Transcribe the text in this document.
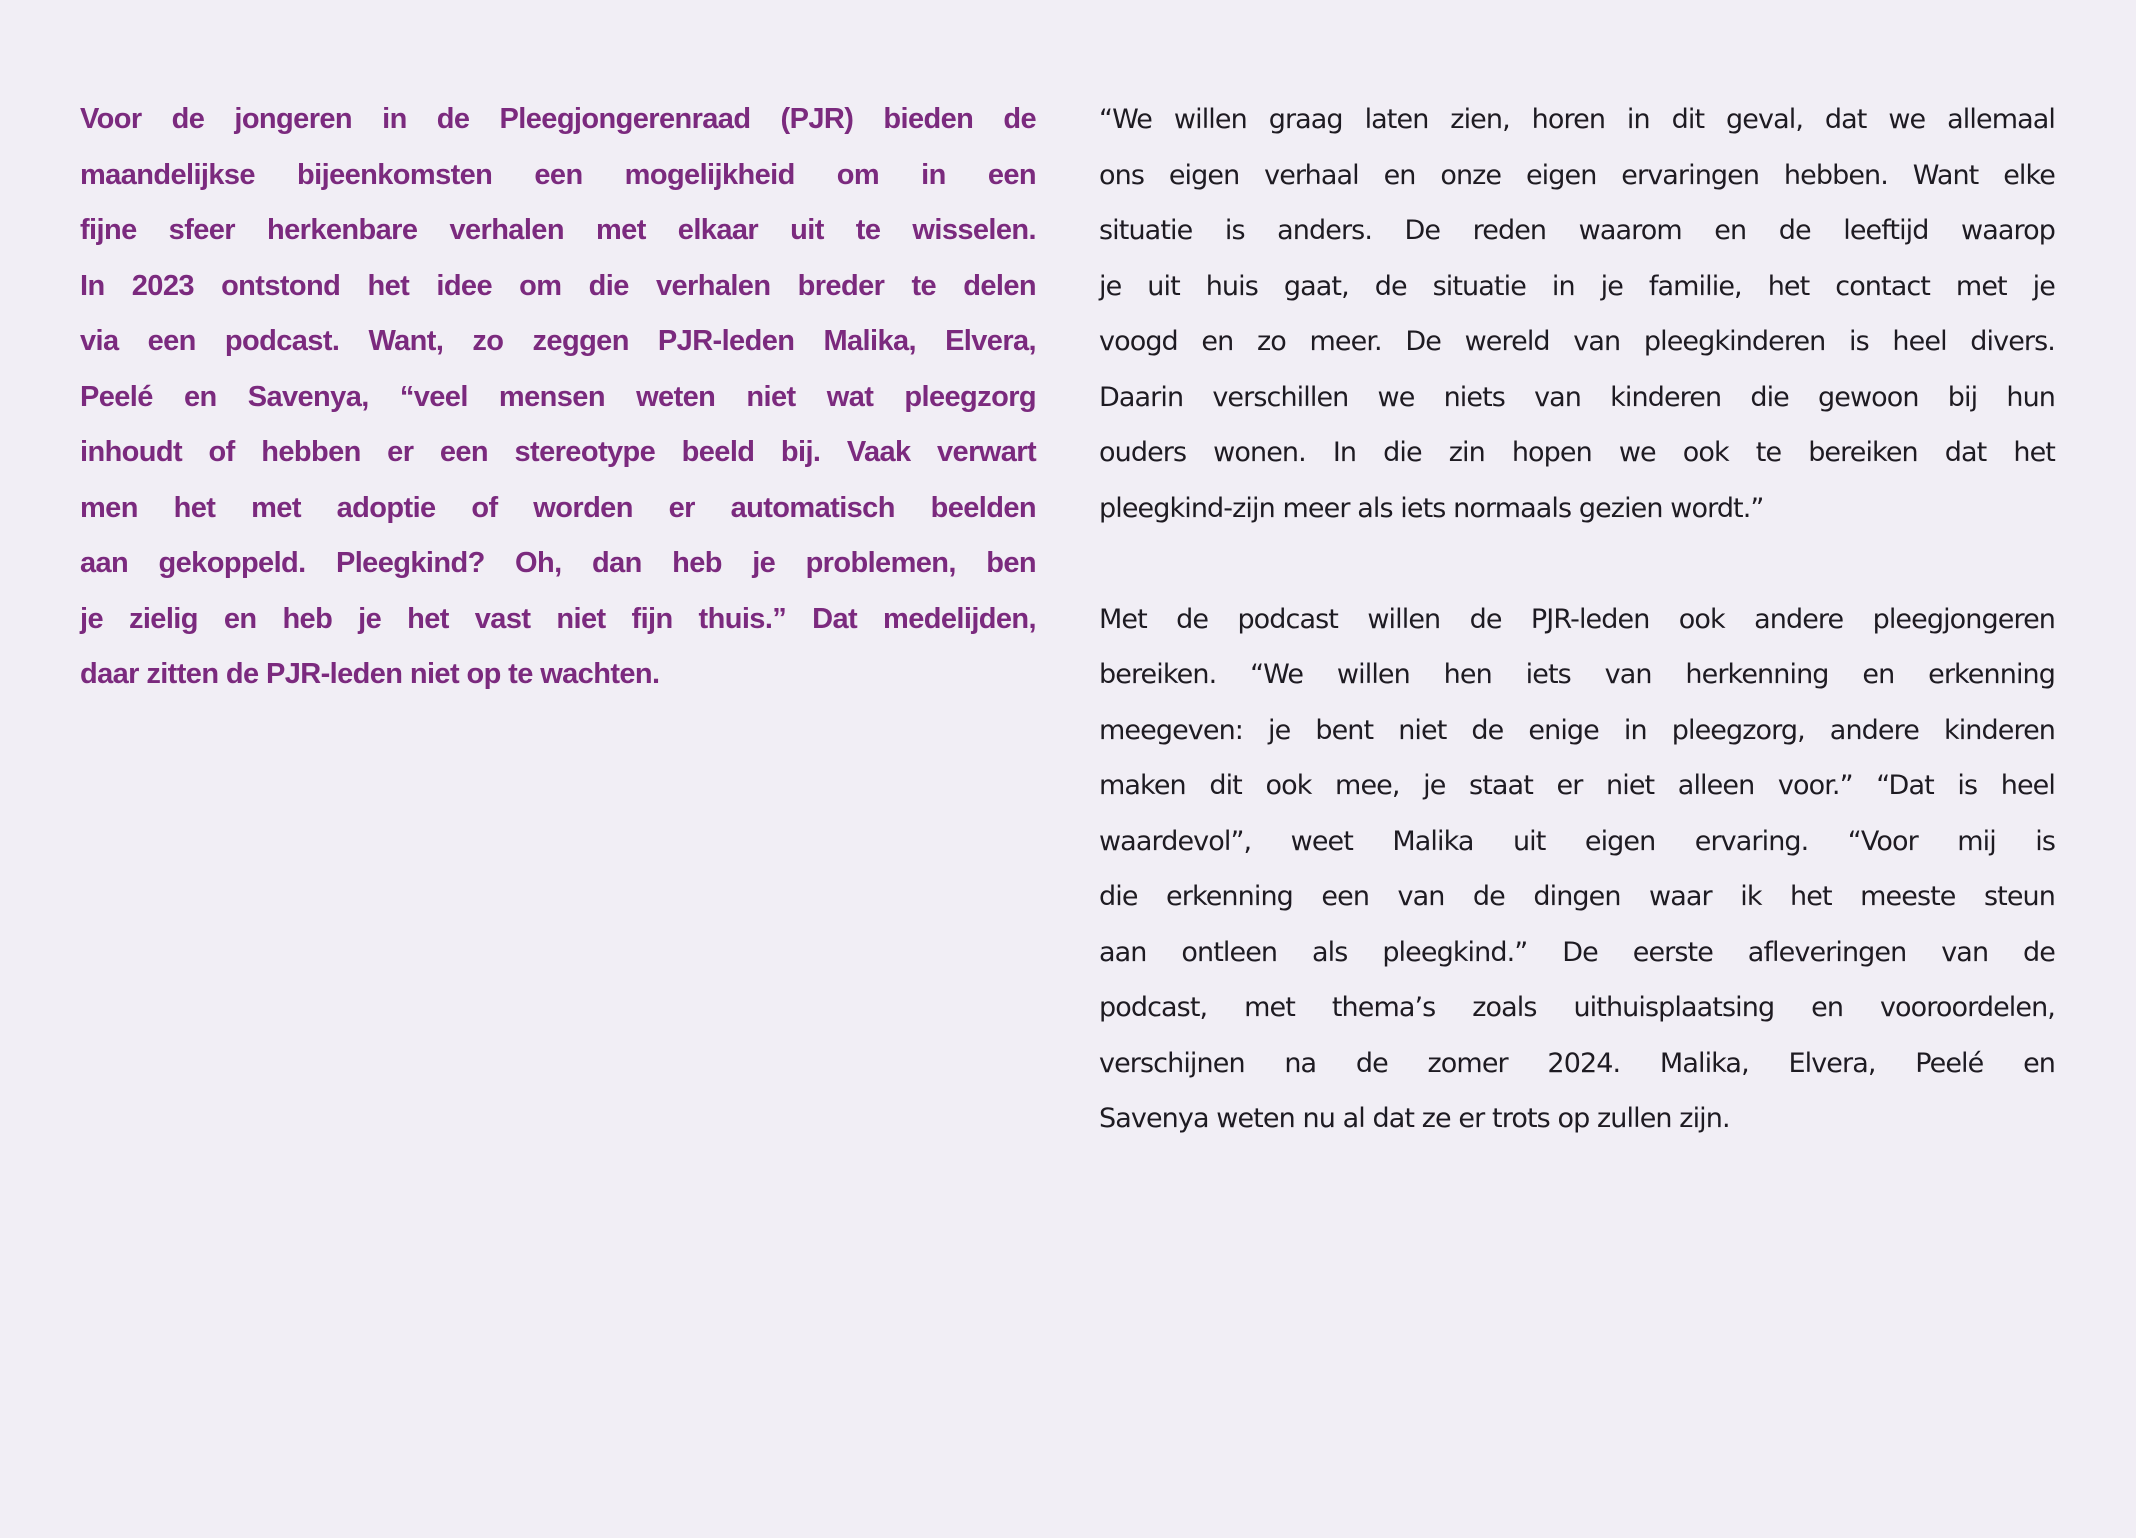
Voor de jongeren in de Pleegjongerenraad (PJR) bieden de
maandelijkse bijeenkomsten een mogelijkheid om in een
fijne sfeer herkenbare verhalen met elkaar uit te wisselen.
In 2023 ontstond het idee om die verhalen breder te delen
via een podcast. Want, zo zeggen PJR-leden Malika, Elvera,
Peelé en Savenya, “veel mensen weten niet wat pleegzorg
inhoudt of hebben er een stereotype beeld bij. Vaak verwart
men het met adoptie of worden er automatisch beelden
aan gekoppeld. Pleegkind? Oh, dan heb je problemen, ben
je zielig en heb je het vast niet fijn thuis.” Dat medelijden,
daar zitten de PJR-leden niet op te wachten.
“We willen graag laten zien, horen in dit geval, dat we allemaal
ons eigen verhaal en onze eigen ervaringen hebben. Want elke
situatie is anders. De reden waarom en de leeftijd waarop
je uit huis gaat, de situatie in je familie, het contact met je
voogd en zo meer. De wereld van pleegkinderen is heel divers.
Daarin verschillen we niets van kinderen die gewoon bij hun
ouders wonen. In die zin hopen we ook te bereiken dat het
pleegkind-zijn meer als iets normaals gezien wordt.”
Met de podcast willen de PJR-leden ook andere pleegjongeren
bereiken. “We willen hen iets van herkenning en erkenning
meegeven: je bent niet de enige in pleegzorg, andere kinderen
maken dit ook mee, je staat er niet alleen voor.” “Dat is heel
waardevol”, weet Malika uit eigen ervaring. “Voor mij is
die erkenning een van de dingen waar ik het meeste steun
aan ontleen als pleegkind.” De eerste afleveringen van de
podcast, met thema’s zoals uithuisplaatsing en vooroordelen,
verschijnen na de zomer 2024. Malika, Elvera, Peelé en
Savenya weten nu al dat ze er trots op zullen zijn.
